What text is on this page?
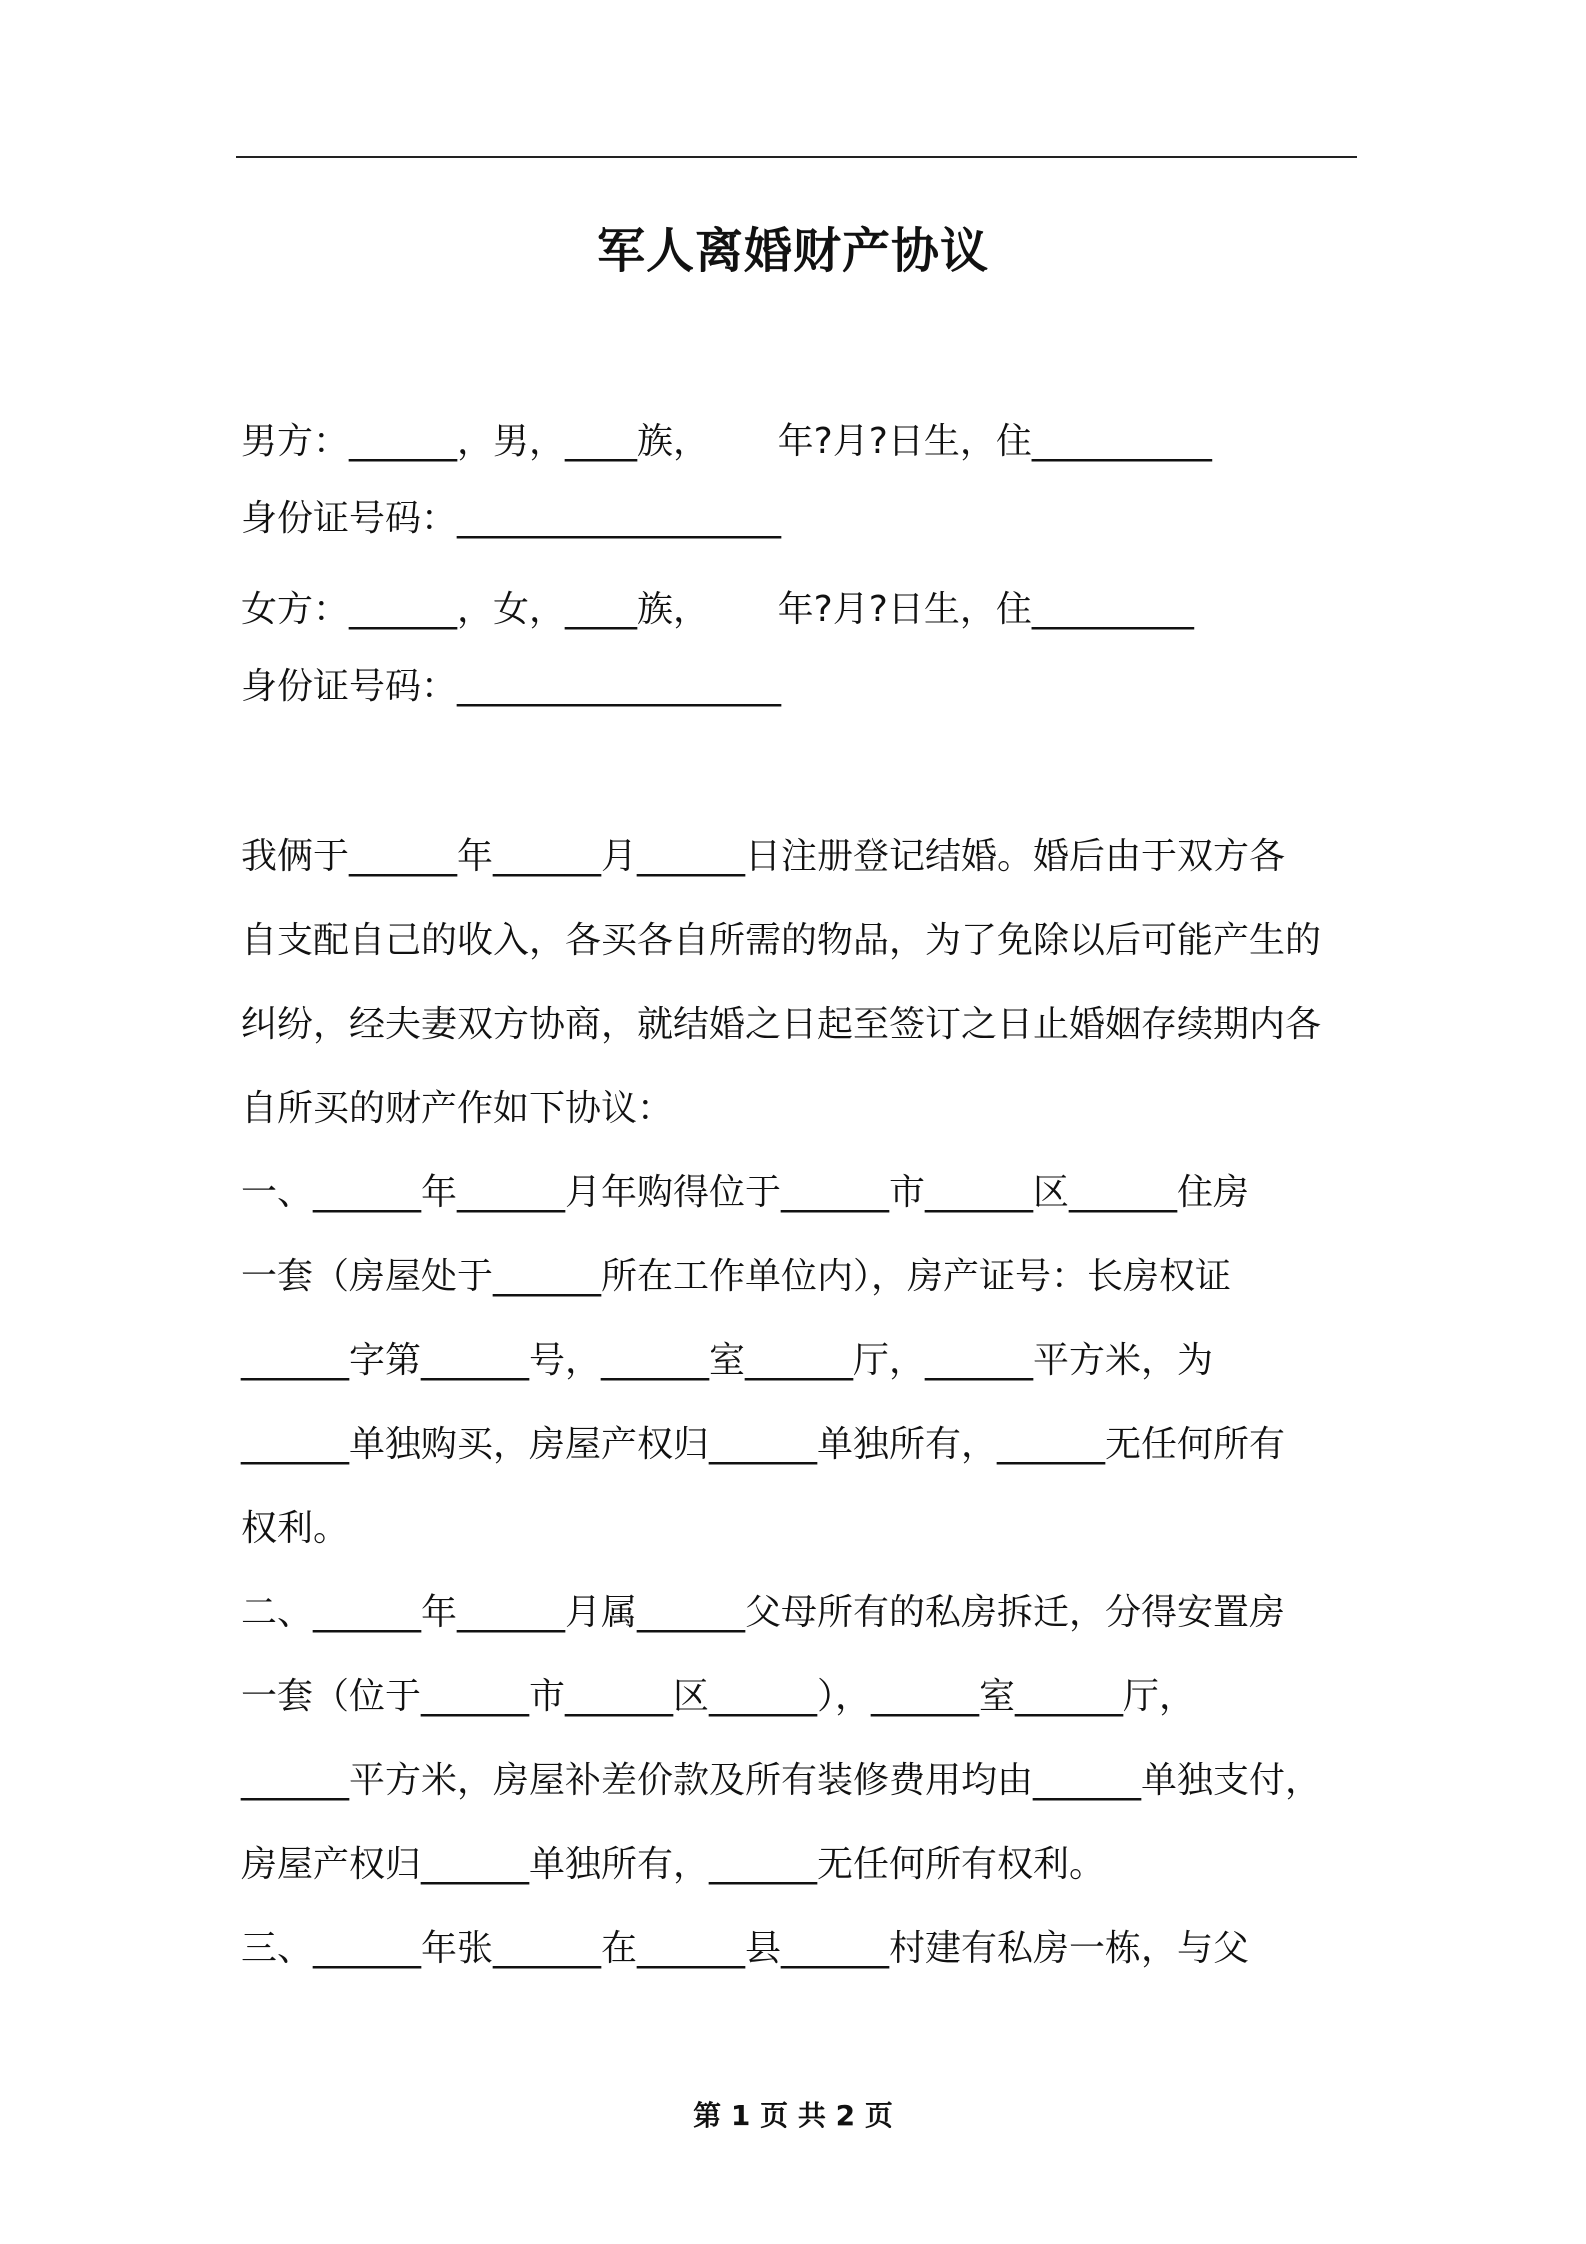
军人离婚财产协议
男方：______，男，____族，      年?月?日生，住__________
身份证号码：__________________
女方：______，女，____族，      年?月?日生，住_________
身份证号码：__________________
我俩于______年______月______日注册登记结婚。婚后由于双方各
自支配自己的收入，各买各自所需的物品，为了免除以后可能产生的
纠纷，经夫妻双方协商，就结婚之日起至签订之日止婚姻存续期内各
自所买的财产作如下协议：
一、______年______月年购得位于______市______区______住房
一套（房屋处于______所在工作单位内），房产证号：长房权证
______字第______号，______室______厅，______平方米，为
______单独购买，房屋产权归______单独所有，______无任何所有
权利。
二、______年______月属______父母所有的私房拆迁，分得安置房
一套（位于______市______区______），______室______厅，
______平方米，房屋补差价款及所有装修费用均由______单独支付，
房屋产权归______单独所有，______无任何所有权利。
三、______年张______在______县______村建有私房一栋，与父
第 1 页 共 2 页
